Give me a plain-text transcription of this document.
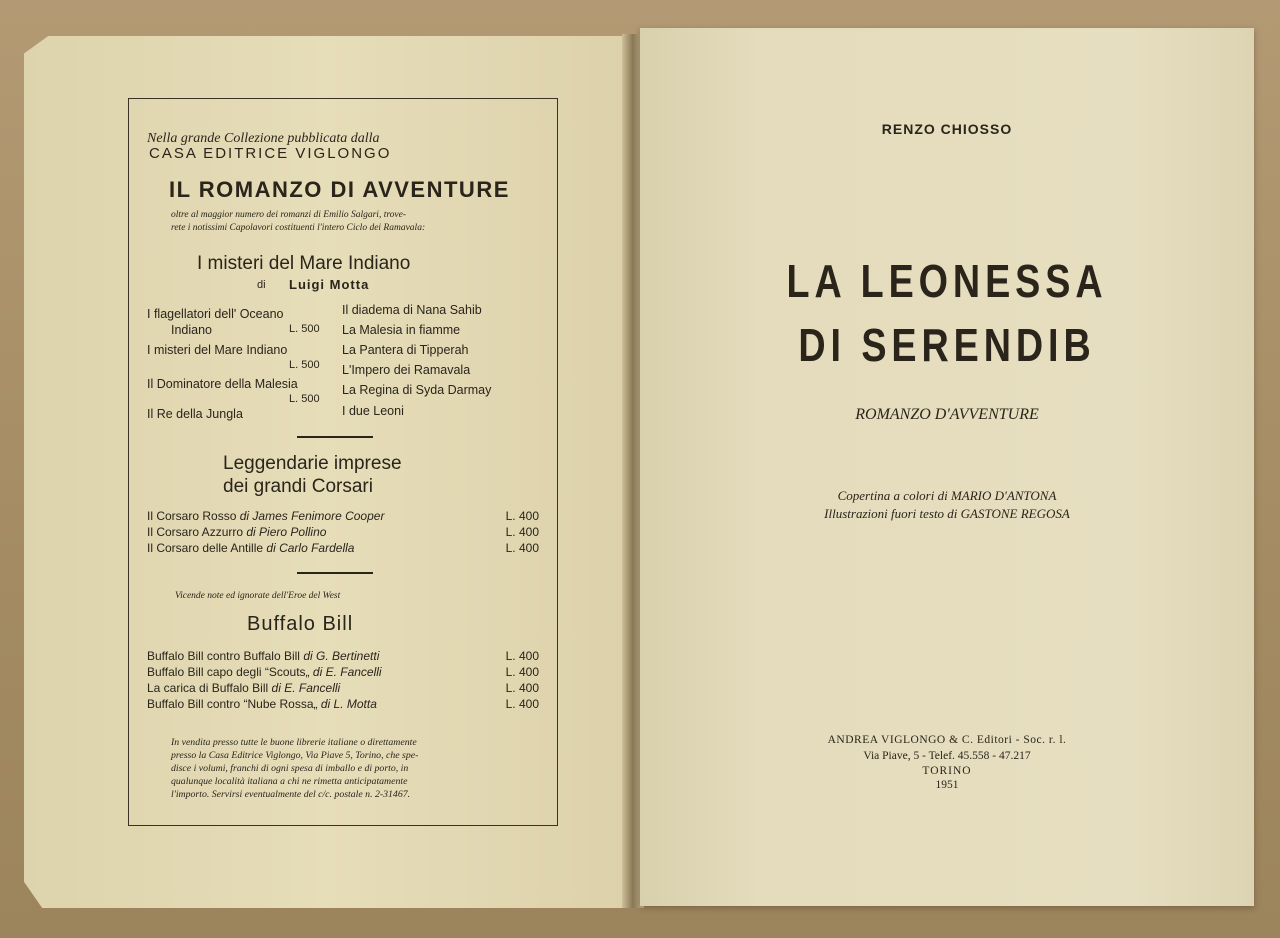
Nella grande Collezione pubblicata dalla
CASA EDITRICE VIGLONGO
IL ROMANZO DI AVVENTURE
oltre al maggior numero dei romanzi di Emilio Salgari, trove-
rete i notissimi Capolavori costituenti l'intero Ciclo dei Ramavala:
I misteri del Mare Indiano
di Luigi Motta
I flagellatori dell' Oceano
Indiano	L. 500
I misteri del Mare Indiano
L. 500
Il Dominatore della Malesia
L. 500
Il Re della Jungla
Il diadema di Nana Sahib
La Malesia in fiamme
La Pantera di Tipperah
L'Impero dei Ramavala
La Regina di Syda Darmay
I due Leoni
Leggendarie imprese
dei grandi Corsari
Il Corsaro Rosso di James Fenimore Cooper	L. 400
Il Corsaro Azzurro di Piero Pollino	L. 400
Il Corsaro delle Antille di Carlo Fardella	L. 400
Vicende note ed ignorate dell'Eroe del West
Buffalo Bill
Buffalo Bill contro Buffalo Bill di G. Bertinetti	L. 400
Buffalo Bill capo degli “Scouts„ di E. Fancelli	L. 400
La carica di Buffalo Bill di E. Fancelli	L. 400
Buffalo Bill contro “Nube Rossa„ di L. Motta	L. 400
In vendita presso tutte le buone librerie italiane o direttamente
presso la Casa Editrice Viglongo, Via Piave 5, Torino, che spe-
disce i volumi, franchi di ogni spesa di imballo e di porto, in
qualunque località italiana a chi ne rimetta anticipatamente
l'importo. Servirsi eventualmente del c/c. postale n. 2-31467.
RENZO CHIOSSO
LA LEONESSA
DI SERENDIB
ROMANZO D'AVVENTURE
Copertina a colori di MARIO D'ANTONA
Illustrazioni fuori testo di GASTONE REGOSA
ANDREA VIGLONGO & C. Editori - Soc. r. l.
Via Piave, 5 - Telef. 45.558 - 47.217
TORINO
1951
